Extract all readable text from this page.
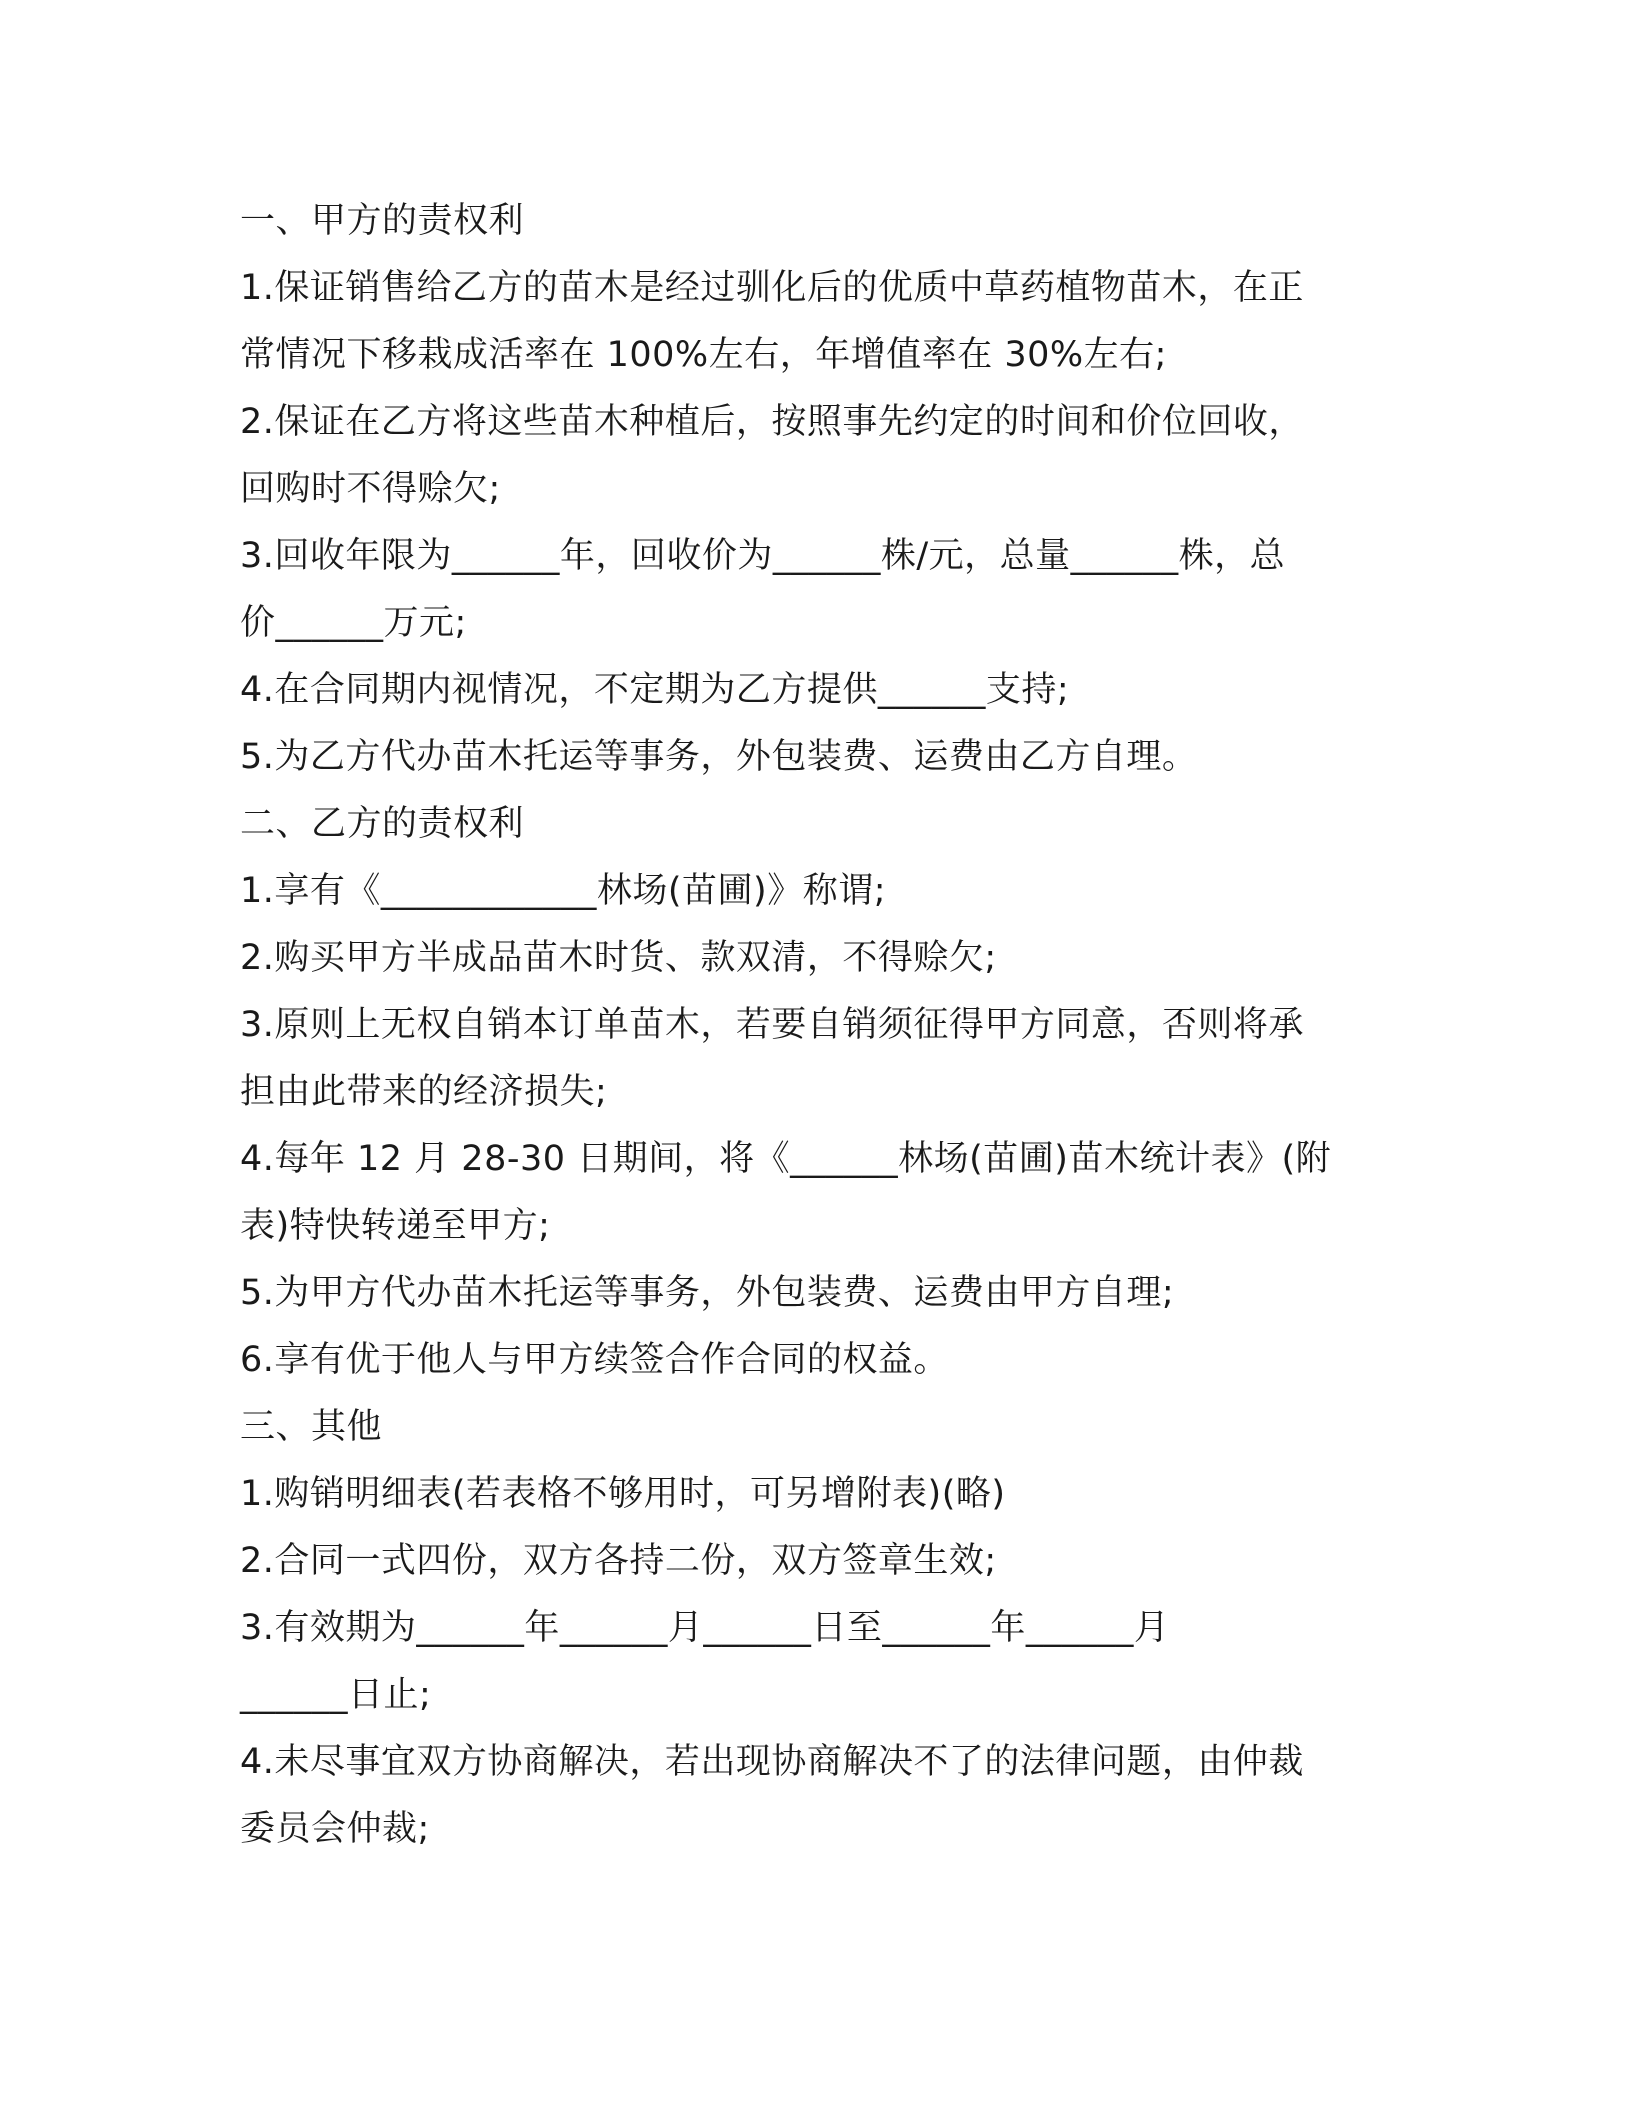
一、甲方的责权利
1.保证销售给乙方的苗木是经过驯化后的优质中草药植物苗木，在正
常情况下移栽成活率在 100%左右，年增值率在 30%左右;
2.保证在乙方将这些苗木种植后，按照事先约定的时间和价位回收，
回购时不得赊欠;
3.回收年限为______年，回收价为______株/元，总量______株，总
价______万元;
4.在合同期内视情况，不定期为乙方提供______支持;
5.为乙方代办苗木托运等事务，外包装费、运费由乙方自理。
二、乙方的责权利
1.享有《____________林场(苗圃)》称谓;
2.购买甲方半成品苗木时货、款双清，不得赊欠;
3.原则上无权自销本订单苗木，若要自销须征得甲方同意，否则将承
担由此带来的经济损失;
4.每年 12 月 28-30 日期间，将《______林场(苗圃)苗木统计表》(附
表)特快转递至甲方;
5.为甲方代办苗木托运等事务，外包装费、运费由甲方自理;
6.享有优于他人与甲方续签合作合同的权益。
三、其他
1.购销明细表(若表格不够用时，可另增附表)(略)
2.合同一式四份，双方各持二份，双方签章生效;
3.有效期为______年______月______日至______年______月
______日止;
4.未尽事宜双方协商解决，若出现协商解决不了的法律问题，由仲裁
委员会仲裁;
